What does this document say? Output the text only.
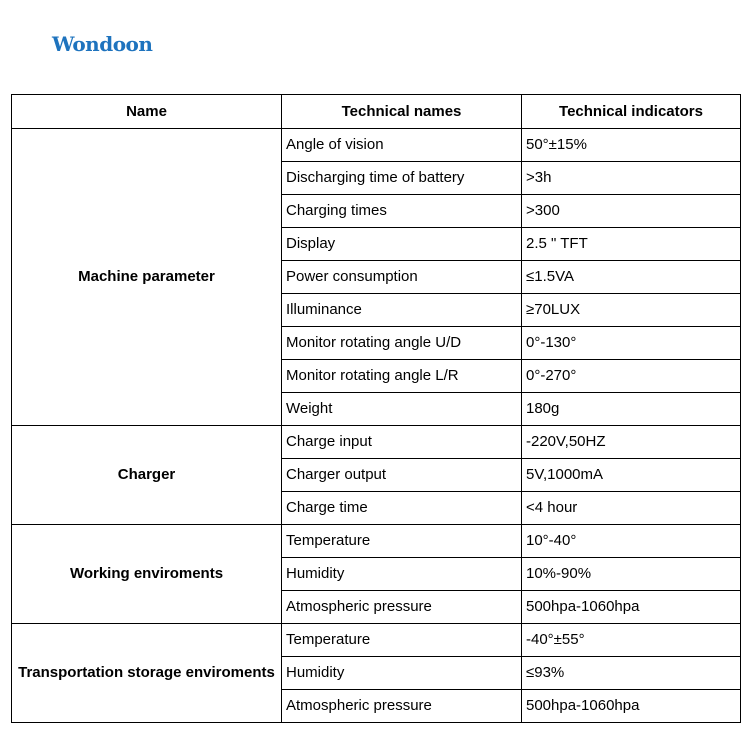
Wondoon
Name	Technical names	Technical indicators
Machine parameter	Angle of vision	50°±15%
	Discharging time of battery	>3h
	Charging times	>300
	Display	2.5 " TFT
	Power consumption	≤1.5VA
	Illuminance	≥70LUX
	Monitor rotating angle U/D	0°-130°
	Monitor rotating angle L/R	0°-270°
	Weight	180g
Charger	Charge input	-220V,50HZ
	Charger output	5V,1000mA
	Charge time	<4 hour
Working enviroments	Temperature	10°-40°
	Humidity	10%-90%
	Atmospheric pressure	500hpa-1060hpa
Transportation storage enviroments	Temperature	-40°±55°
	Humidity	≤93%
	Atmospheric pressure	500hpa-1060hpa
